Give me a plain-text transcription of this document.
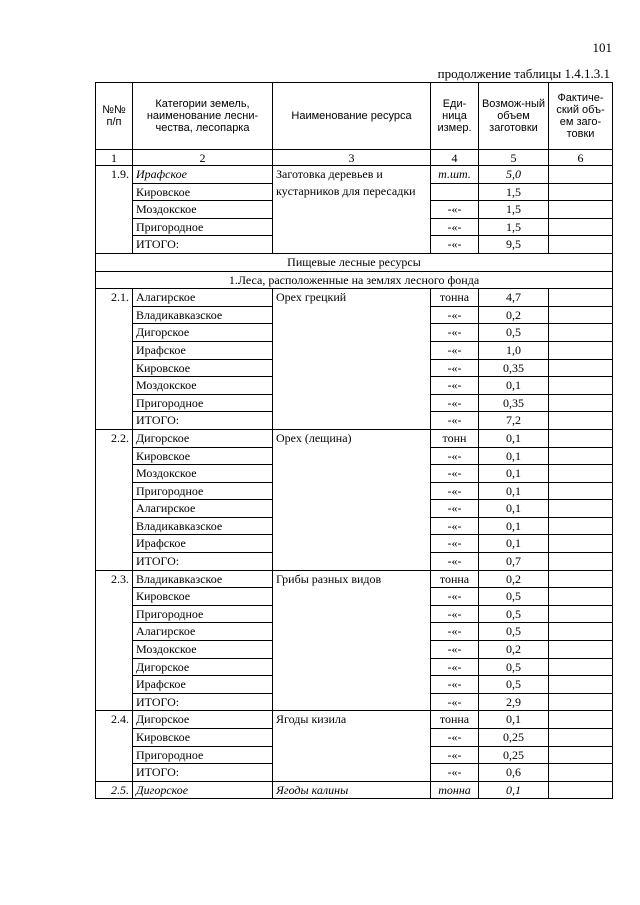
101
продолжение таблицы 1.4.1.3.1
№№ п/п	Категории земель, наименование лесни-чества, лесопарка	Наименование ресурса	Еди-ница измер.	Возмож-ный объем заготовки	Фактиче-ский объ-ем заго-товки
1	2	3	4	5	6
1.9.	Ирафское	Заготовка деревьев и кустарников для пересадки	т.шт.	5,0	
	Кировское			1,5	
	Моздокское		-«-	1,5	
	Пригородное		-«-	1,5	
	ИТОГО:		-«-	9,5	
Пищевые лесные ресурсы					
1.Леса, расположенные на землях лесного фонда					
2.1.	Алагирское	Орех грецкий	тонна	4,7	
	Владикавказское		-«-	0,2	
	Дигорское		-«-	0,5	
	Ирафское		-«-	1,0	
	Кировское		-«-	0,35	
	Моздокское		-«-	0,1	
	Пригородное		-«-	0,35	
	ИТОГО:		-«-	7,2	
2.2.	Дигорское	Орех (лещина)	тонн	0,1	
	Кировское		-«-	0,1	
	Моздокское		-«-	0,1	
	Пригородное		-«-	0,1	
	Алагирское		-«-	0,1	
	Владикавказское		-«-	0,1	
	Ирафское		-«-	0,1	
	ИТОГО:		-«-	0,7	
2.3.	Владикавказское	Грибы разных видов	тонна	0,2	
	Кировское		-«-	0,5	
	Пригородное		-«-	0,5	
	Алагирское		-«-	0,5	
	Моздокское		-«-	0,2	
	Дигорское		-«-	0,5	
	Ирафское		-«-	0,5	
	ИТОГО:		-«-	2,9	
2.4.	Дигорское	Ягоды кизила	тонна	0,1	
	Кировское		-«-	0,25	
	Пригородное		-«-	0,25	
	ИТОГО:		-«-	0,6	
2.5.	Дигорское	Ягоды калины	тонна	0,1	
